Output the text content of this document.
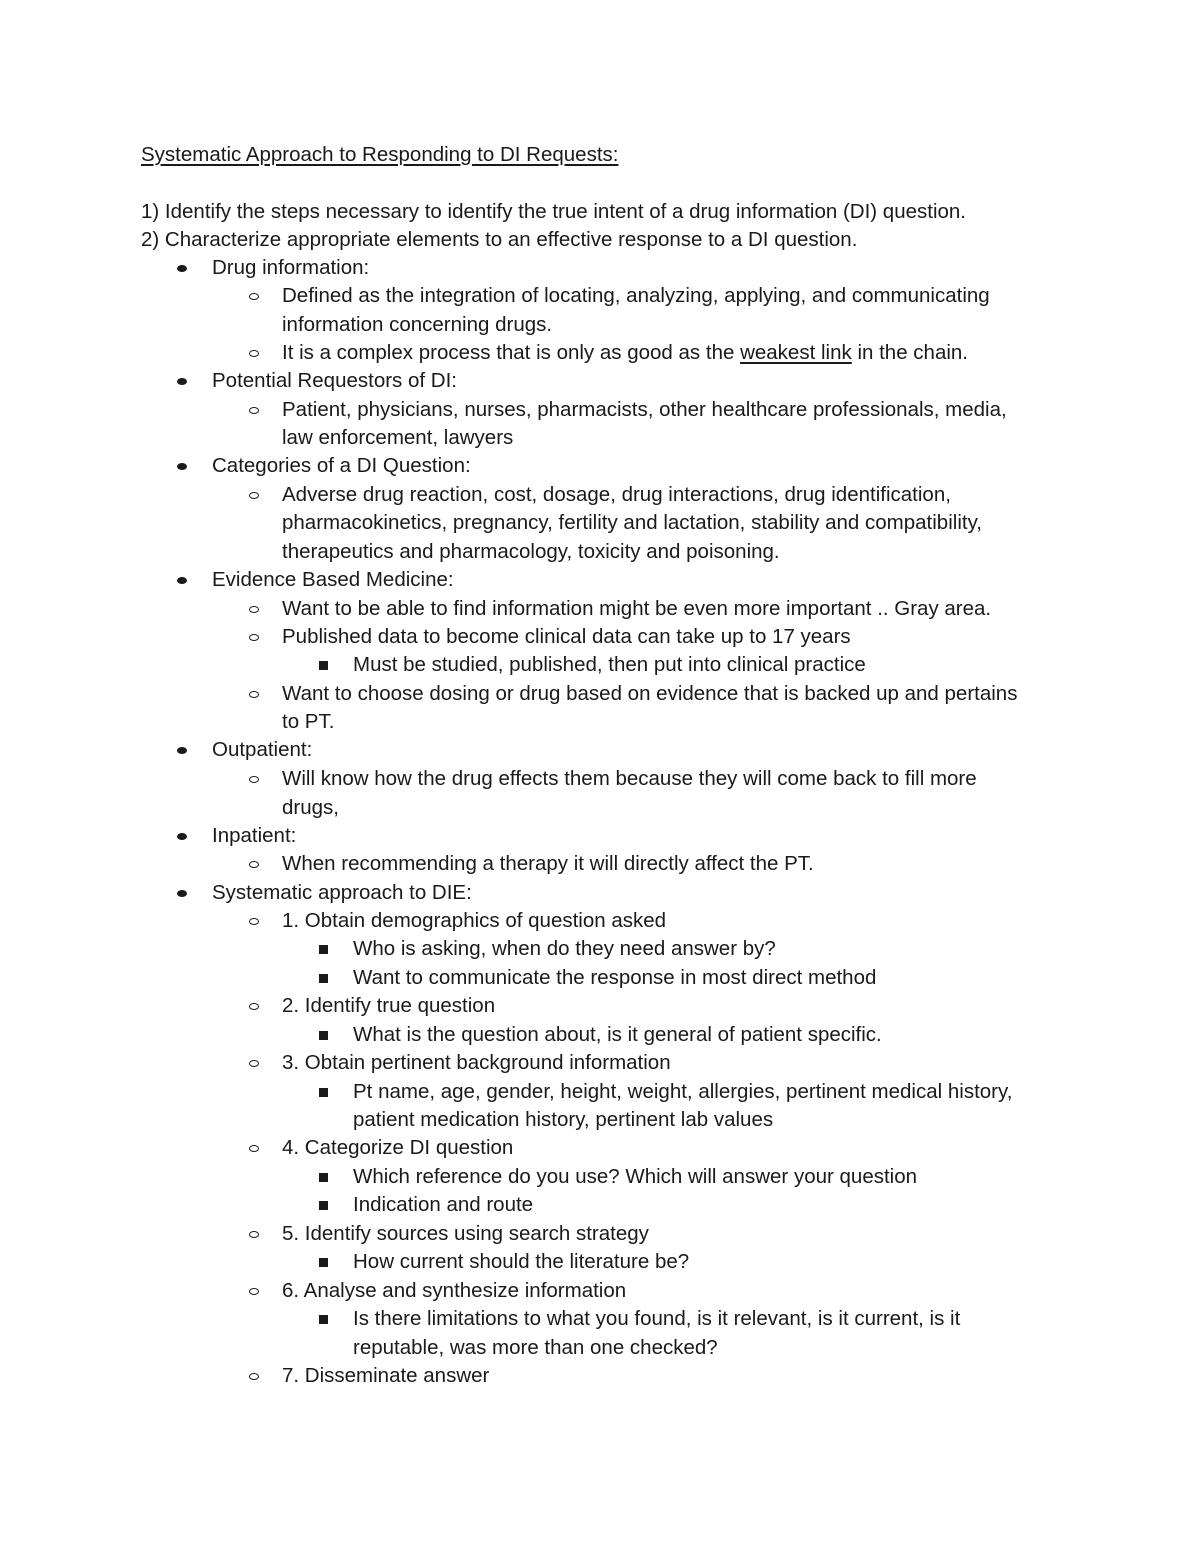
Systematic Approach to Responding to DI Requests:
1) Identify the steps necessary to identify the true intent of a drug information (DI) question.
2) Characterize appropriate elements to an effective response to a DI question.
Drug information:
Defined as the integration of locating, analyzing, applying, and communicating
information concerning drugs.
It is a complex process that is only as good as the weakest link in the chain.
Potential Requestors of DI:
Patient, physicians, nurses, pharmacists, other healthcare professionals, media,
law enforcement, lawyers
Categories of a DI Question:
Adverse drug reaction, cost, dosage, drug interactions, drug identification,
pharmacokinetics, pregnancy, fertility and lactation, stability and compatibility,
therapeutics and pharmacology, toxicity and poisoning.
Evidence Based Medicine:
Want to be able to find information might be even more important .. Gray area.
Published data to become clinical data can take up to 17 years
Must be studied, published, then put into clinical practice
Want to choose dosing or drug based on evidence that is backed up and pertains
to PT.
Outpatient:
Will know how the drug effects them because they will come back to fill more
drugs,
Inpatient:
When recommending a therapy it will directly affect the PT.
Systematic approach to DIE:
1. Obtain demographics of question asked
Who is asking, when do they need answer by?
Want to communicate the response in most direct method
2. Identify true question
What is the question about, is it general of patient specific.
3. Obtain pertinent background information
Pt name, age, gender, height, weight, allergies, pertinent medical history,
patient medication history, pertinent lab values
4. Categorize DI question
Which reference do you use? Which will answer your question
Indication and route
5. Identify sources using search strategy
How current should the literature be?
6. Analyse and synthesize information
Is there limitations to what you found, is it relevant, is it current, is it
reputable, was more than one checked?
7. Disseminate answer
